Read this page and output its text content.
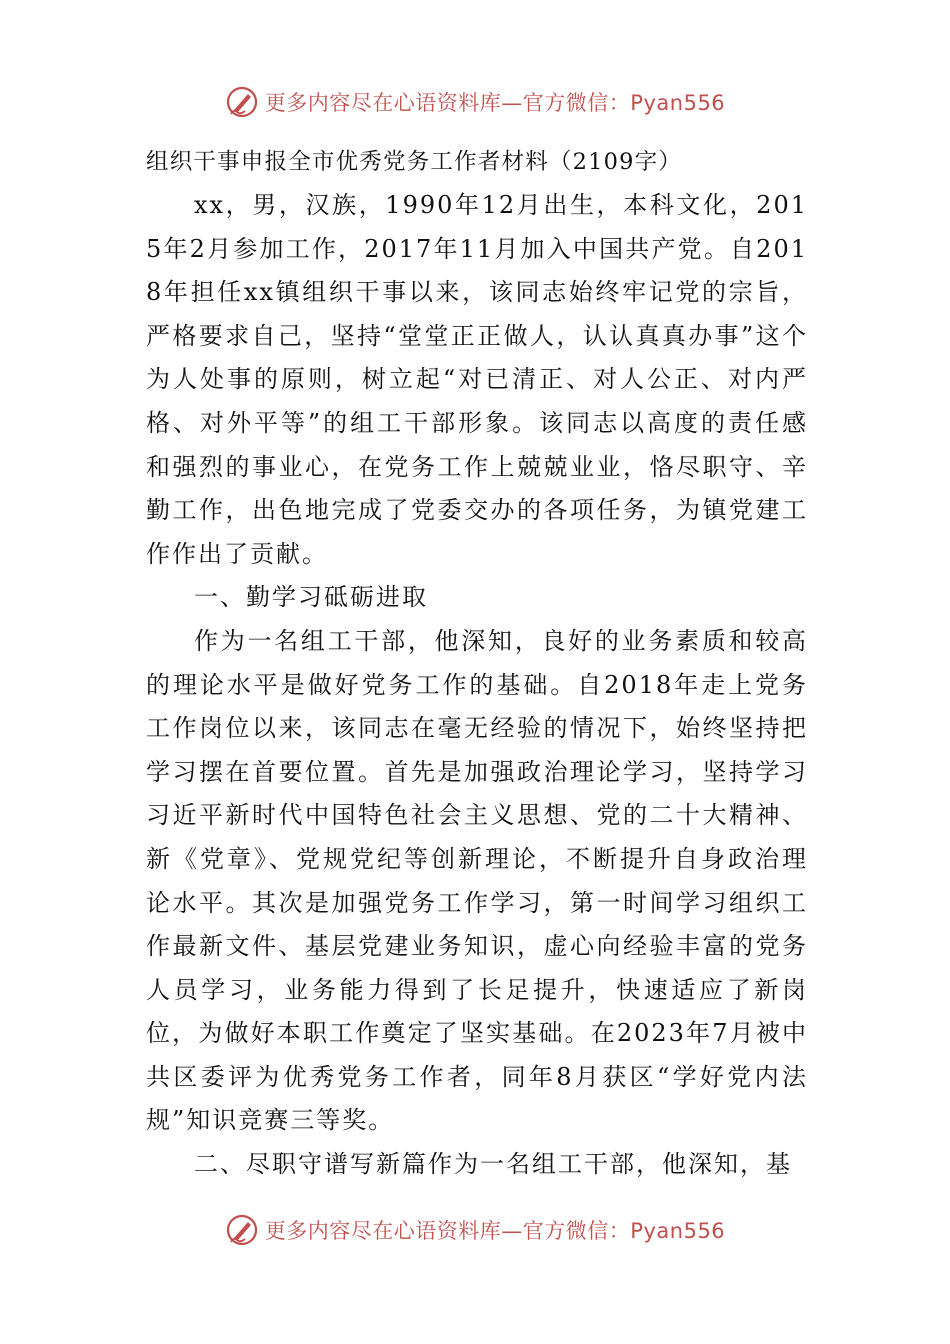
更多内容尽在心语资料库—官方微信：Pyan556

组织干事申报全市优秀党务工作者材料（2109字）

xx，男，汉族，1990年12月出生，本科文化，2015年2月参加工作，2017年11月加入中国共产党。自2018年担任xx镇组织干事以来，该同志始终牢记党的宗旨，严格要求自己，坚持“堂堂正正做人，认认真真办事”这个为人处事的原则，树立起“对已清正、对人公正、对内严格、对外平等”的组工干部形象。该同志以高度的责任感和强烈的事业心，在党务工作上兢兢业业，恪尽职守、辛勤工作，出色地完成了党委交办的各项任务，为镇党建工作作出了贡献。

一、勤学习砥砺进取

作为一名组工干部，他深知，良好的业务素质和较高的理论水平是做好党务工作的基础。自2018年走上党务工作岗位以来，该同志在毫无经验的情况下，始终坚持把学习摆在首要位置。首先是加强政治理论学习，坚持学习习近平新时代中国特色社会主义思想、党的二十大精神、新《党章》、党规党纪等创新理论，不断提升自身政治理论水平。其次是加强党务工作学习，第一时间学习组织工作最新文件、基层党建业务知识，虚心向经验丰富的党务人员学习，业务能力得到了长足提升，快速适应了新岗位，为做好本职工作奠定了坚实基础。在2023年7月被中共区委评为优秀党务工作者，同年8月获区“学好党内法规”知识竞赛三等奖。

二、尽职守谱写新篇作为一名组工干部，他深知，基

更多内容尽在心语资料库—官方微信：Pyan556
